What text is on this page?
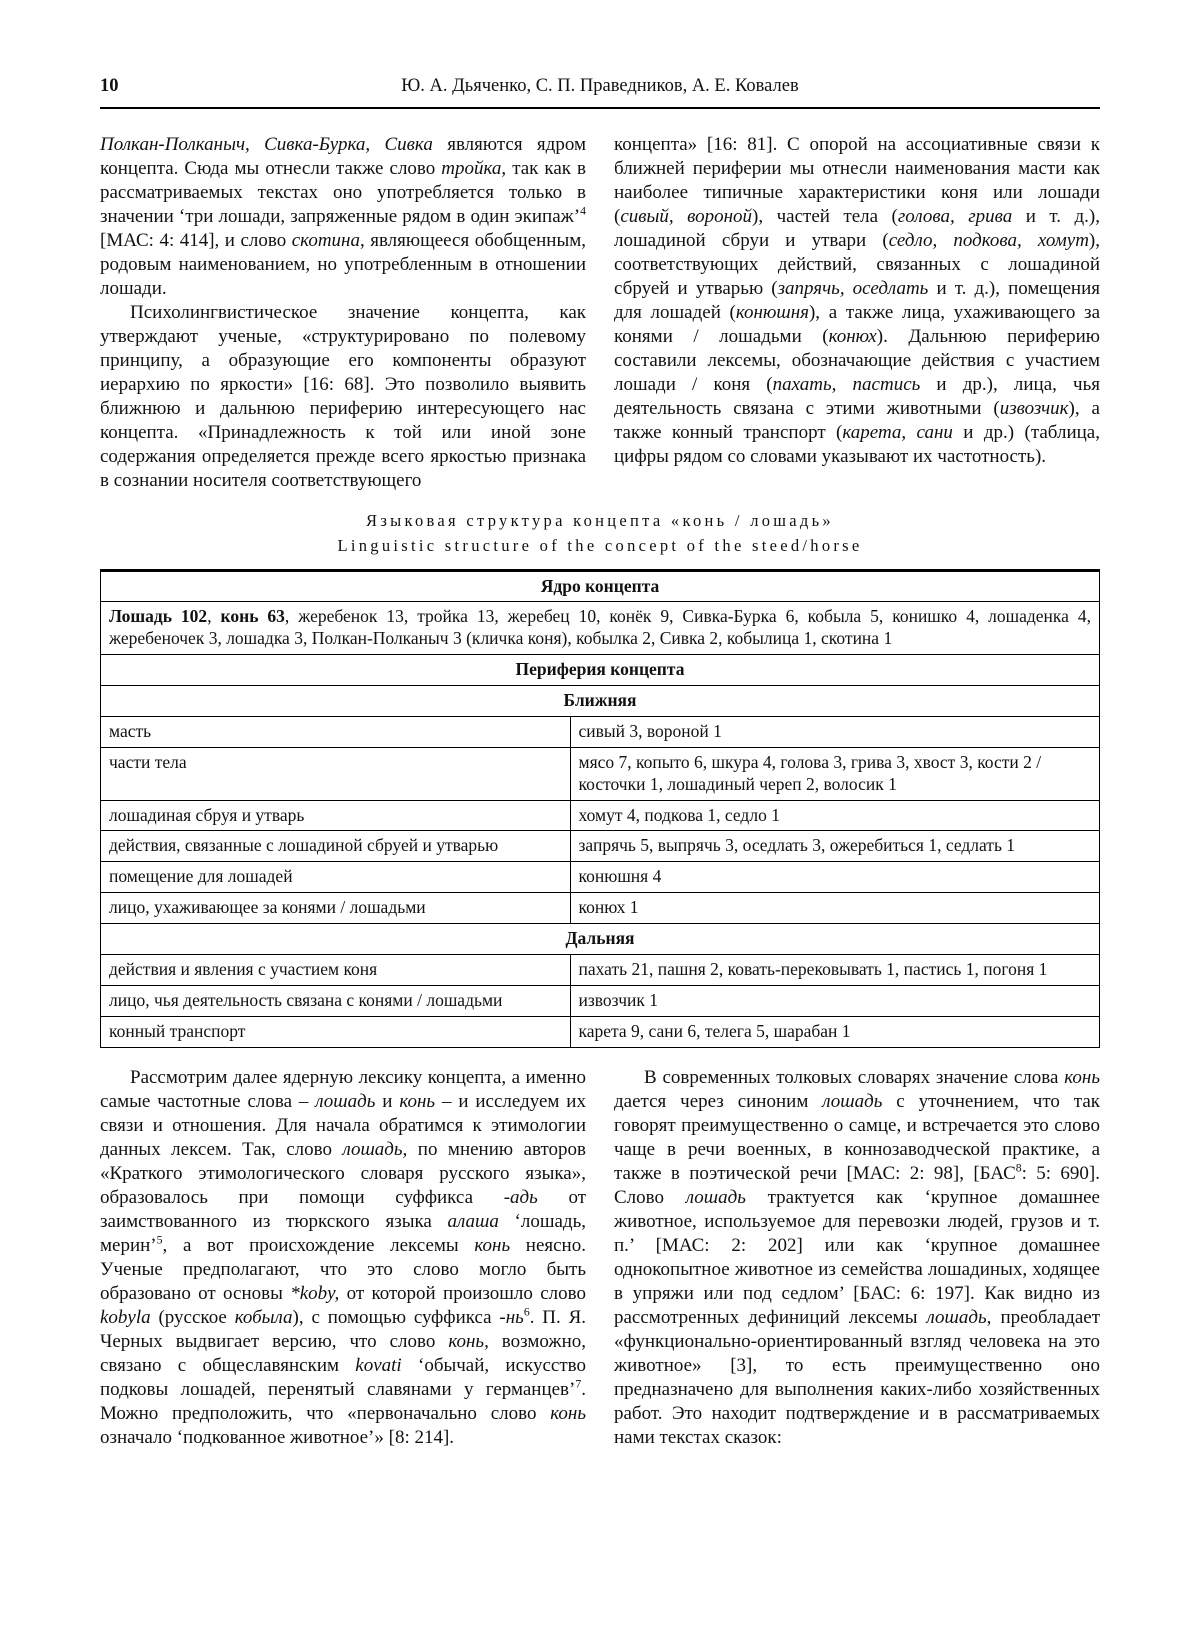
10	Ю. А. Дьяченко, С. П. Праведников, А. Е. Ковалев

Полкан-Полканыч, Сивка-Бурка, Сивка являются ядром концепта. Сюда мы отнесли также слово тройка, так как в рассматриваемых текстах оно употребляется только в значении ‘три лошади, запряженные рядом в один экипаж’$^4$ [МАС: 4: 414], и слово скотина, являющееся обобщенным, родовым наименованием, но употребленным в отношении лошади.

Психолингвистическое значение концепта, как утверждают ученые, «структурировано по полевому принципу, а образующие его компоненты образуют иерархию по яркости» [16: 68]. Это позволило выявить ближнюю и дальнюю периферию интересующего нас концепта. «Принадлежность к той или иной зоне содержания определяется прежде всего яркостью признака в сознании носителя соответствующего

концепта» [16: 81]. С опорой на ассоциативные связи к ближней периферии мы отнесли наименования масти как наиболее типичные характеристики коня или лошади (сивый, вороной), частей тела (голова, грива и т. д.), лошадиной сбруи и утвари (седло, подкова, хомут), соответствующих действий, связанных с лошадиной сбруей и утварью (запрячь, оседлать и т. д.), помещения для лошадей (конюшня), а также лица, ухаживающего за конями / лошадьми (конюх). Дальнюю периферию составили лексемы, обозначающие действия с участием лошади / коня (пахать, пастись и др.), лица, чья деятельность связана с этими животными (извозчик), а также конный транспорт (карета, сани и др.) (таблица, цифры рядом со словами указывают их частотность).

Языковая структура концепта «конь / лошадь»
Linguistic structure of the concept of the steed/horse
Ядро концепта	
Лошадь 102, конь 63, жеребенок 13, тройка 13, жеребец 10, конёк 9, Сивка-Бурка 6, кобыла 5, конишко 4, лошаденка 4, жеребеночек 3, лошадка 3, Полкан-Полканыч 3 (кличка коня), кобылка 2, Сивка 2, кобылица 1, скотина 1	
Периферия концепта	
Ближняя	
масть	сивый 3, вороной 1
части тела	мясо 7, копыто 6, шкура 4, голова 3, грива 3, хвост 3, кости 2 / косточки 1, лошадиный череп 2, волосик 1
лошадиная сбруя и утварь	хомут 4, подкова 1, седло 1
действия, связанные с лошадиной сбруей и утварью	запрячь 5, выпрячь 3, оседлать 3, ожеребиться 1, седлать 1
помещение для лошадей	конюшня 4
лицо, ухаживающее за конями / лошадьми	конюх 1
Дальняя	
действия и явления с участием коня	пахать 21, пашня 2, ковать-перековывать 1, пастись 1, погоня 1
лицо, чья деятельность связана с конями / лошадьми	извозчик 1
конный транспорт	карета 9, сани 6, телега 5, шарабан 1

Рассмотрим далее ядерную лексику концепта, а именно самые частотные слова – лошадь и конь – и исследуем их связи и отношения. Для начала обратимся к этимологии данных лексем. Так, слово лошадь, по мнению авторов «Краткого этимологического словаря русского языка», образовалось при помощи суффикса -адь от заимствованного из тюркского языка алаша ‘лошадь, мерин’$^5$, а вот происхождение лексемы конь неясно. Ученые предполагают, что это слово могло быть образовано от основы *koby, от которой произошло слово kobyla (русское кобыла), с помощью суффикса $-нь^6$. П. Я. Черных выдвигает версию, что слово конь, возможно, связано с общеславянским kovati ‘обычай, искусство подковы лошадей, перенятый славянами у германцев’$^7$. Можно предположить, что «первоначально слово конь означало ‘подкованное животное’» [8: 214].

В современных толковых словарях значение слова конь дается через синоним лошадь с уточнением, что так говорят преимущественно о самце, и встречается это слово чаще в речи военных, в коннозаводческой практике, а также в поэтической речи [МАС: 2: 98], [БАС$^8$: 5: 690]. Слово лошадь трактуется как ‘крупное домашнее животное, используемое для перевозки людей, грузов и т. п.’ [МАС: 2: 202] или как ‘крупное домашнее однокопытное животное из семейства лошадиных, ходящее в упряжи или под седлом’ [БАС: 6: 197]. Как видно из рассмотренных дефиниций лексемы лошадь, преобладает «функционально-ориентированный взгляд человека на это животное» [3], то есть преимущественно оно предназначено для выполнения каких-либо хозяйственных работ. Это находит подтверждение и в рассматриваемых нами текстах сказок:
